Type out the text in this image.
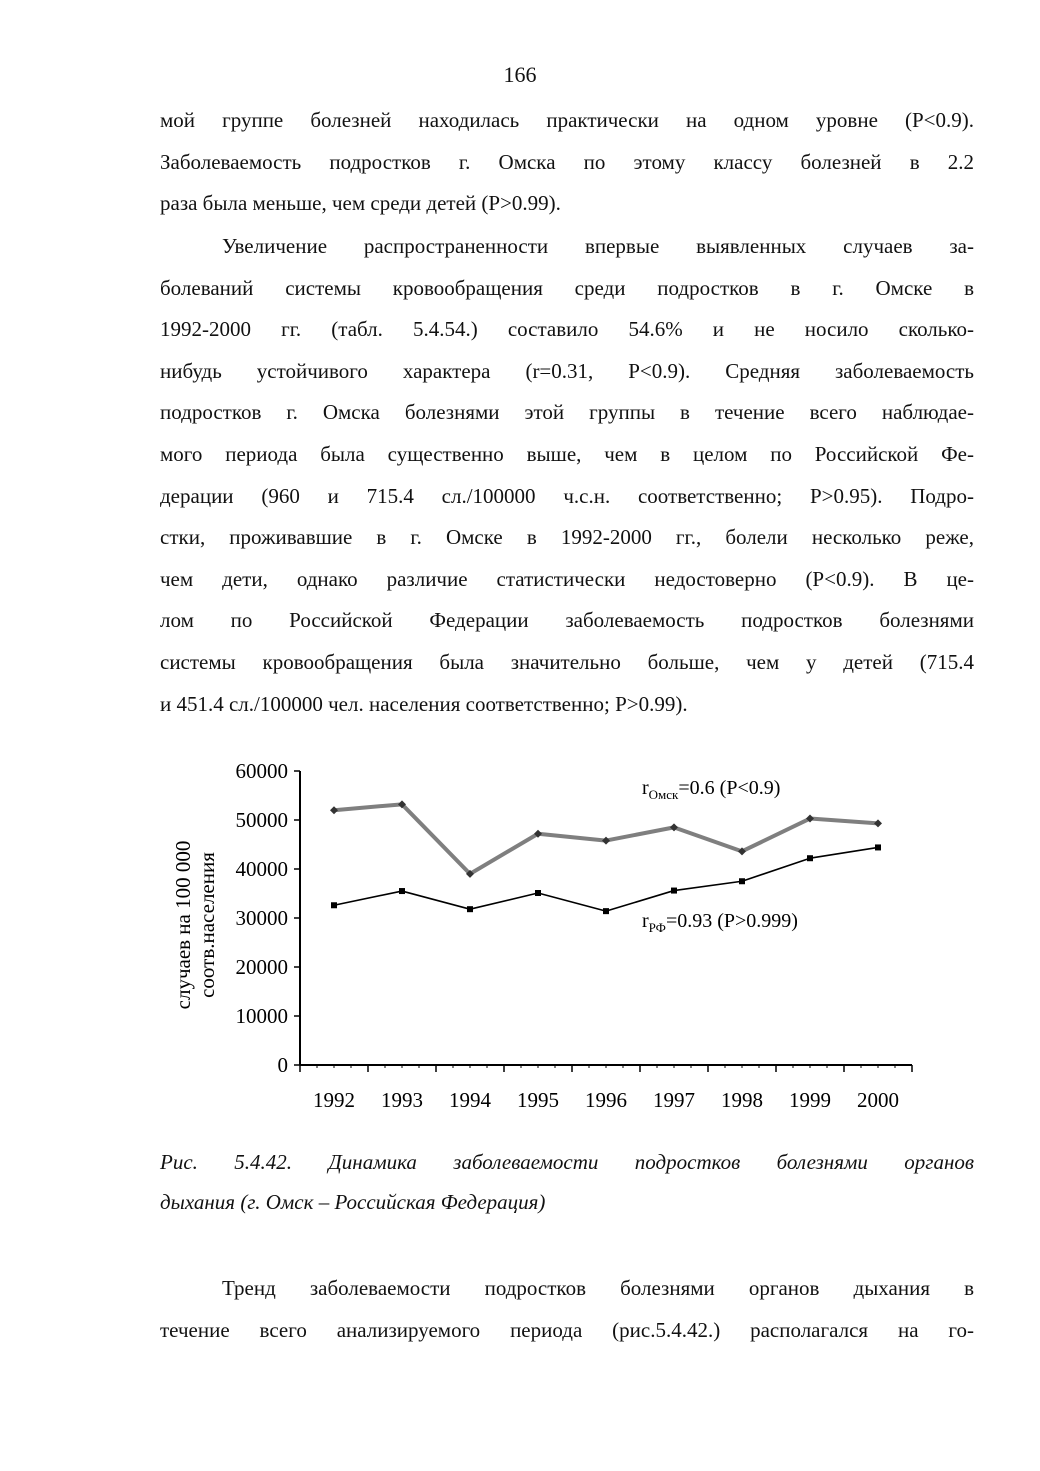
166

мой группе болезней находилась практически на одном уровне (Р<0.9).
Заболеваемость подростков г. Омска по этому классу болезней в 2.2
раза была меньше, чем среди детей (Р>0.99).

Увеличение распространенности впервые выявленных случаев за-
болеваний системы кровообращения среди подростков в г. Омске в
1992-2000 гг. (табл. 5.4.54.) составило 54.6% и не носило сколько-
нибудь устойчивого характера (r=0.31, P<0.9). Средняя заболеваемость
подростков г. Омска болезнями этой группы в течение всего наблюдае-
мого периода была существенно выше, чем в целом по Российской Фе-
дерации (960 и 715.4 сл./100000 ч.с.н. соответственно; Р>0.95). Подро-
стки, проживавшие в г. Омске в 1992-2000 гг., болели несколько реже,
чем дети, однако различие статистически недостоверно (Р<0.9). В це-
лом по Российской Федерации заболеваемость подростков болезнями
системы кровообращения была значительно больше, чем у детей (715.4
и 451.4 сл./100000 чел. населения соответственно; Р>0.99).

случаев на 100 000 соотв.населения
0
10000
20000
30000
40000
50000
60000
1992 1993 1994 1995 1996 1997 1998 1999 2000
$r_{Омск}=0.6$ (Р<0.9)
$r_{РФ}=0.93$ (Р>0.999)
Рис. 5.4.42. Динамика заболеваемости подростков болезнями органов
дыхания (г. Омск – Российская Федерация)

Тренд заболеваемости подростков болезнями органов дыхания в
течение всего анализируемого периода (рис.5.4.42.) располагался на го-
